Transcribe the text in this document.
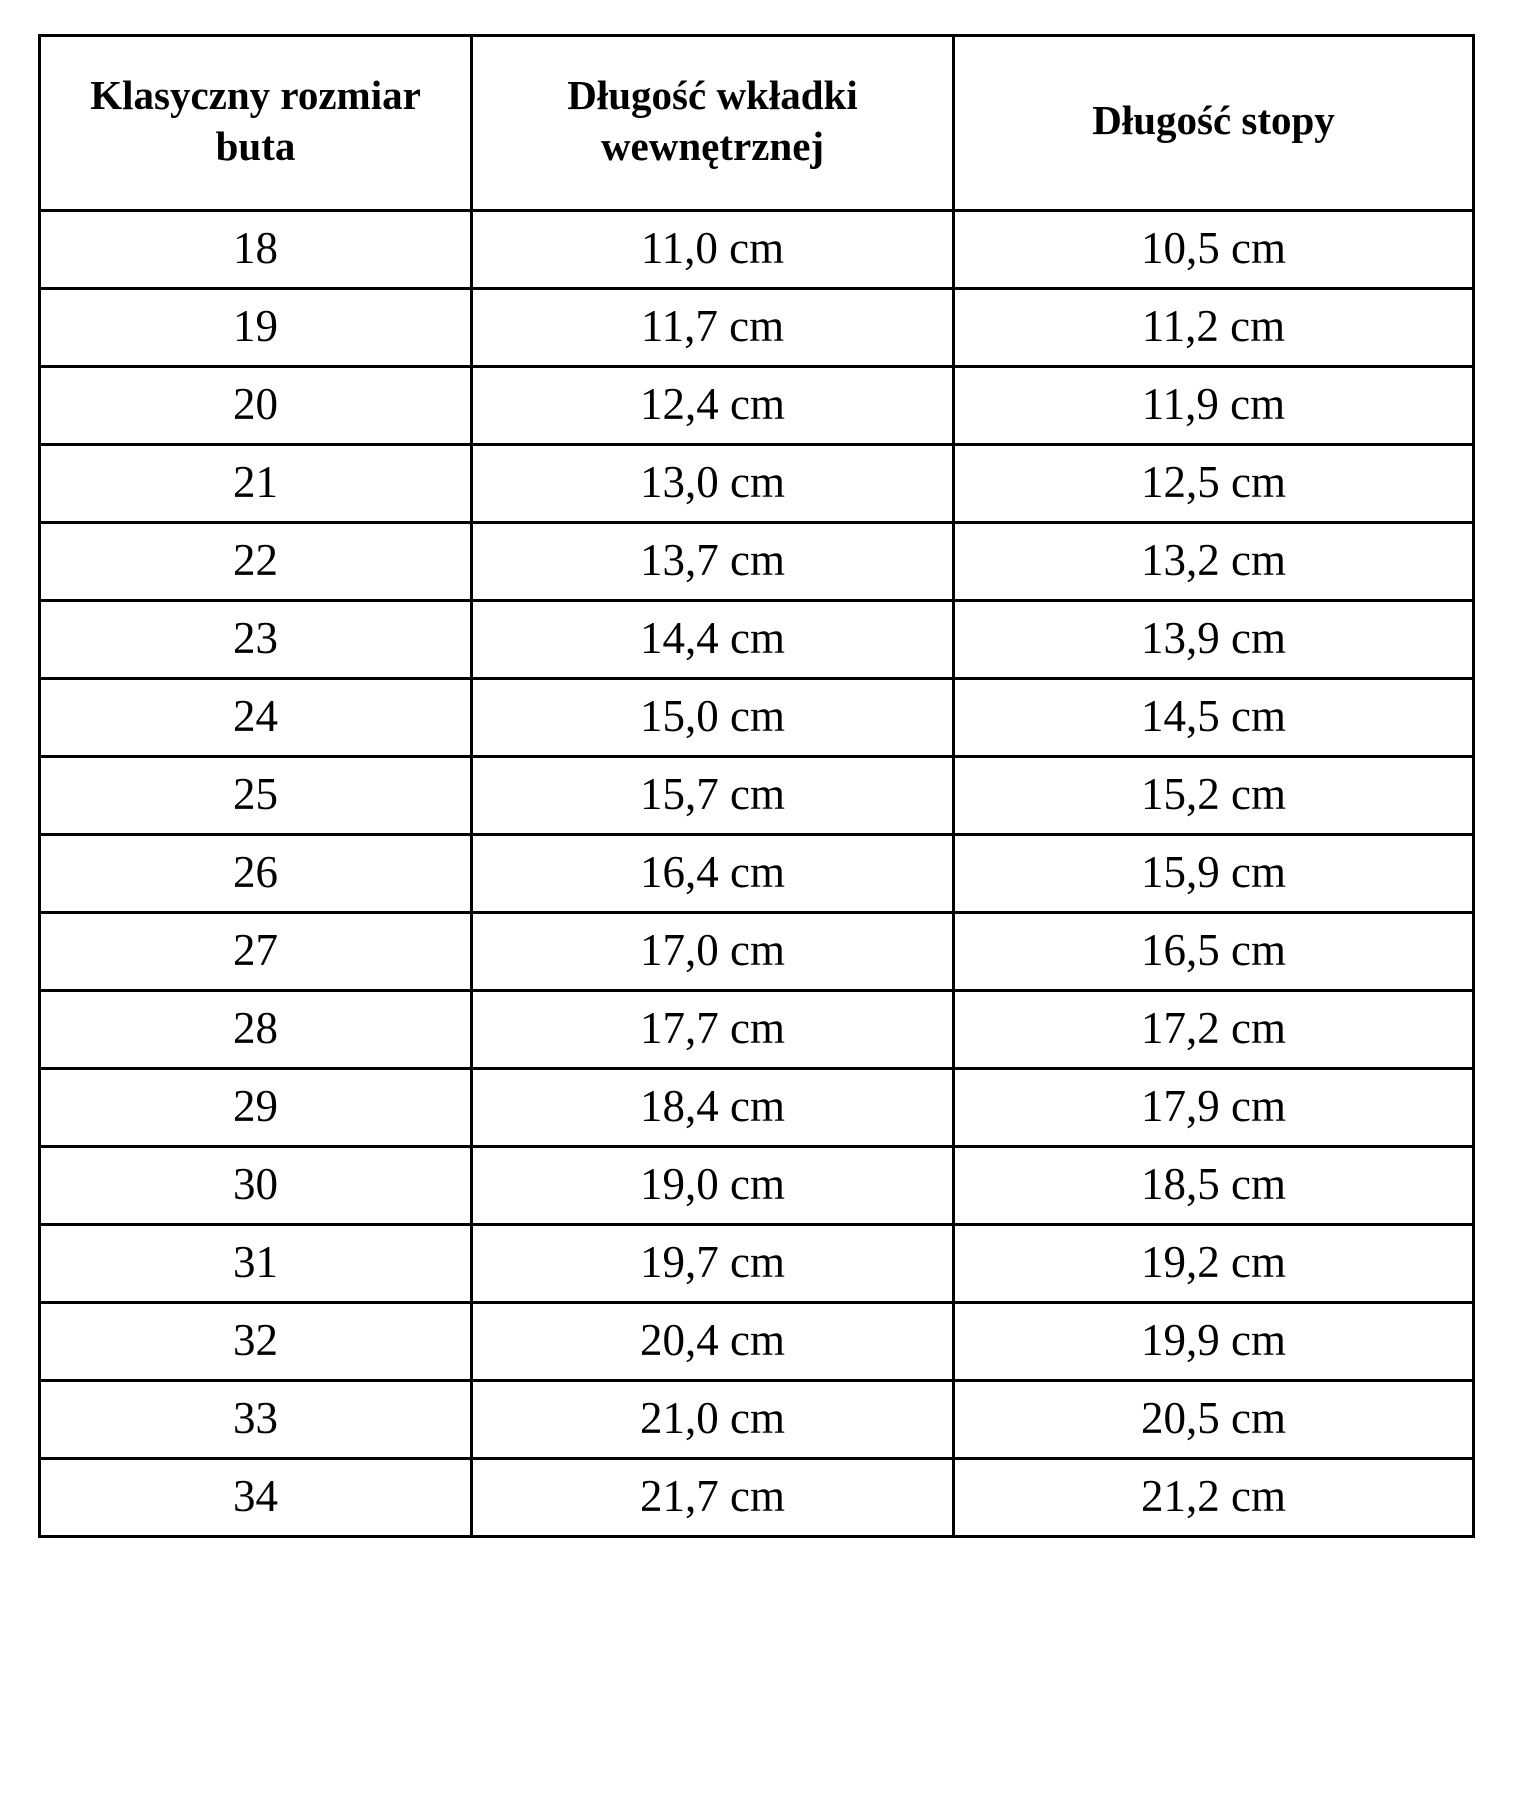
Klasyczny rozmiar buta	Długość wkładki wewnętrznej	Długość stopy
18	11,0 cm	10,5 cm
19	11,7 cm	11,2 cm
20	12,4 cm	11,9 cm
21	13,0 cm	12,5 cm
22	13,7 cm	13,2 cm
23	14,4 cm	13,9 cm
24	15,0 cm	14,5 cm
25	15,7 cm	15,2 cm
26	16,4 cm	15,9 cm
27	17,0 cm	16,5 cm
28	17,7 cm	17,2 cm
29	18,4 cm	17,9 cm
30	19,0 cm	18,5 cm
31	19,7 cm	19,2 cm
32	20,4 cm	19,9 cm
33	21,0 cm	20,5 cm
34	21,7 cm	21,2 cm
